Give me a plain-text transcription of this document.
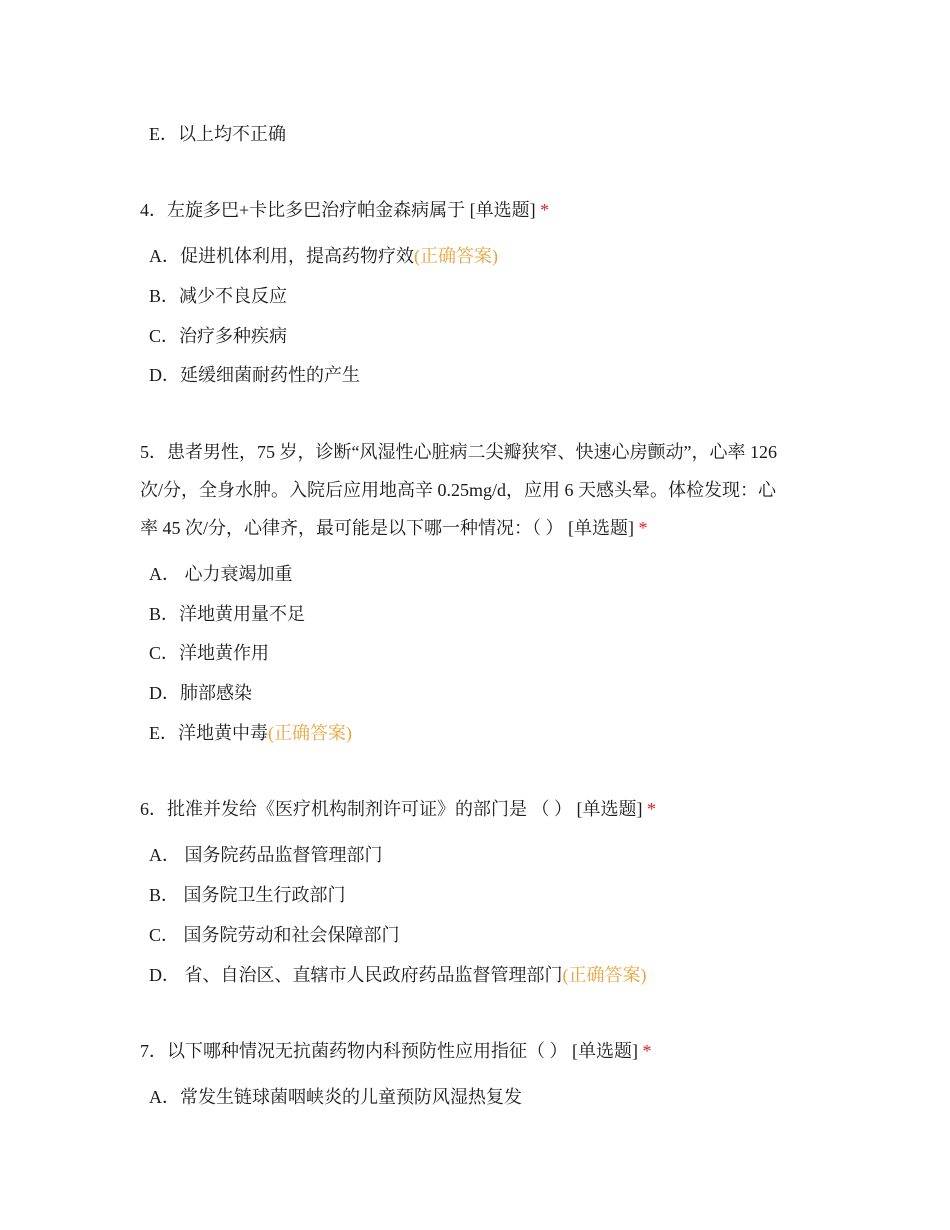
E．以上均不正确
4．左旋多巴+卡比多巴治疗帕金森病属于 [单选题] *
A．促进机体利用，提高药物疗效(正确答案)
B．减少不良反应
C．治疗多种疾病
D．延缓细菌耐药性的产生
5．患者男性，75 岁，诊断“风湿性心脏病二尖瓣狭窄、快速心房颤动”，心率 126
次/分，全身水肿。入院后应用地高辛 0.25mg/d，应用 6 天感头晕。体检发现：心
率 45 次/分，心律齐，最可能是以下哪一种情况：（ ） [单选题] *
A． 心力衰竭加重
B．洋地黄用量不足
C．洋地黄作用
D．肺部感染
E．洋地黄中毒(正确答案)
6．批准并发给《医疗机构制剂许可证》的部门是 （ ） [单选题] *
A． 国务院药品监督管理部门
B． 国务院卫生行政部门
C． 国务院劳动和社会保障部门
D． 省、自治区、直辖市人民政府药品监督管理部门(正确答案)
7．以下哪种情况无抗菌药物内科预防性应用指征（ ） [单选题] *
A．常发生链球菌咽峡炎的儿童预防风湿热复发
